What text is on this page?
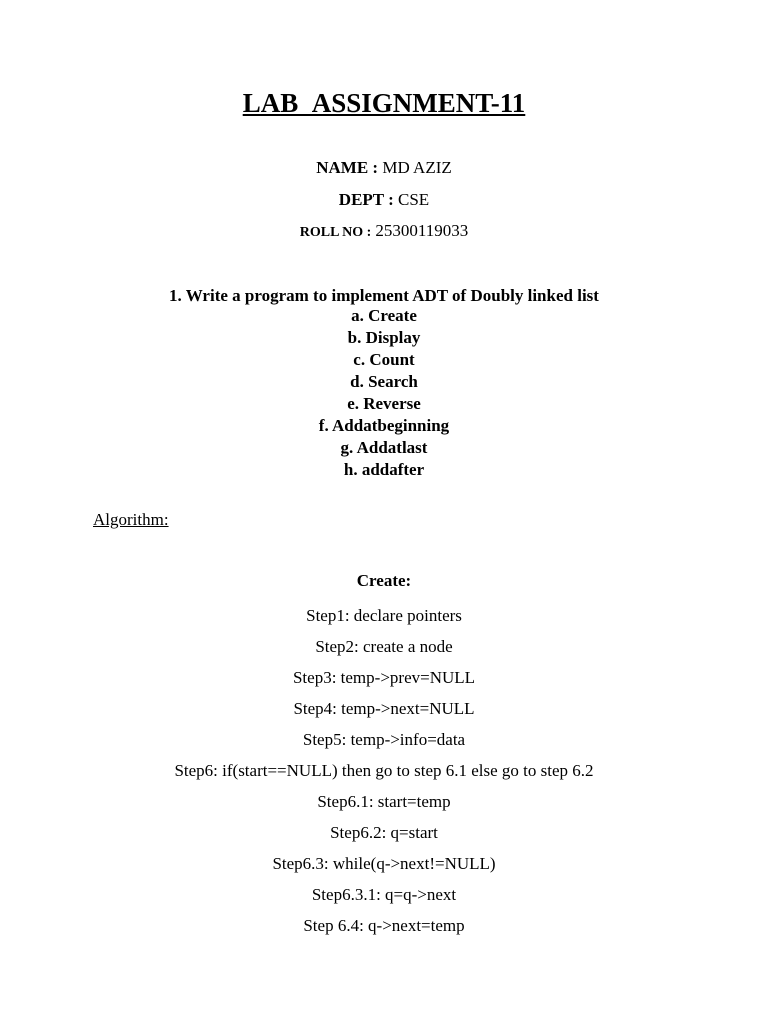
LAB_ASSIGNMENT-11
NAME : MD AZIZ
DEPT : CSE
ROLL NO : 25300119033
1. Write a program to implement ADT of Doubly linked list
a. Create
b. Display
c. Count
d. Search
e. Reverse
f. Addatbeginning
g. Addatlast
h. addafter
Algorithm:
Create:
Step1: declare pointers
Step2: create a node
Step3: temp->prev=NULL
Step4: temp->next=NULL
Step5: temp->info=data
Step6: if(start==NULL) then go to step 6.1 else go to step 6.2
Step6.1: start=temp
Step6.2: q=start
Step6.3: while(q->next!=NULL)
Step6.3.1: q=q->next
Step 6.4: q->next=temp
